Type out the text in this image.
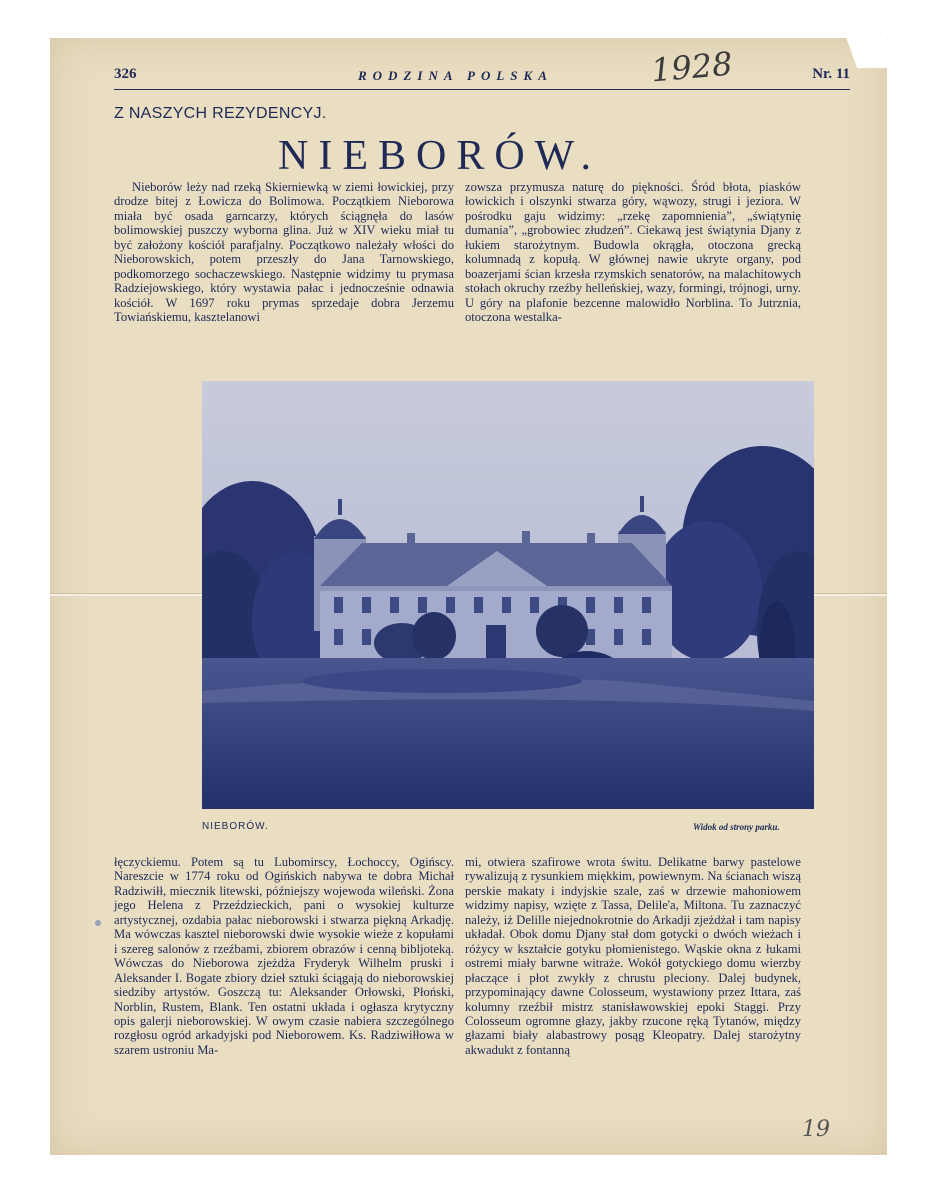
326	RODZINA POLSKA	1928	Nr. 11
Z NASZYCH REZYDENCYJ.
NIEBORÓW.

Nieborów leży nad rzeką Skierniewką w ziemi łowickiej, przy drodze bitej z Łowicza do Bolimowa. Początkiem Nieborowa miała być osada garncarzy, których ściągnęła do lasów bolimowskiej puszczy wyborna glina. Już w XIV wieku miał tu być założony kościół parafjalny. Początkowo należały włości do Nieborowskich, potem przeszły do Jana Tarnowskiego, podkomorzego sochaczewskiego. Następnie widzimy tu prymasa Radziejowskiego, który wystawia pałac i jednocześnie odnawia kościół. W 1697 roku prymas sprzedaje dobra Jerzemu Towiańskiemu, kasztelanowi

zowsza przymusza naturę do piękności. Śród błota, piasków łowickich i olszynki stwarza góry, wąwozy, strugi i jeziora. W pośrodku gaju widzimy: „rzekę zapomnienia”, „świątynię dumania”, „grobowiec złudzeń”. Ciekawą jest świątynia Djany z łukiem starożytnym. Budowla okrągła, otoczona grecką kolumnadą z kopułą. W głównej nawie ukryte organy, pod boazerjami ścian krzesła rzymskich senatorów, na malachitowych stołach okruchy rzeźby helleńskiej, wazy, formingi, trójnogi, urny. U góry na plafonie bezcenne malowidło Norblina. To Jutrznia, otoczona westalka-

NIEBORÓW.	Widok od strony parku.

łęczyckiemu. Potem są tu Lubomirscy, Łochoccy, Ogińscy. Nareszcie w 1774 roku od Ogińskich nabywa te dobra Michał Radziwiłł, miecznik litewski, późniejszy wojewoda wileński. Żona jego Helena z Przeździeckich, pani o wysokiej kulturze artystycznej, ozdabia pałac nieborowski i stwarza piękną Arkadję. Ma wówczas kasztel nieborowski dwie wysokie wieże z kopułami i szereg salonów z rzeźbami, zbiorem obrazów i cenną bibljoteką. Wówczas do Nieborowa zjeżdża Fryderyk Wilhelm pruski i Aleksander I. Bogate zbiory dzieł sztuki ściągają do nieborowskiej siedziby artystów. Goszczą tu: Aleksander Orłowski, Płoński, Norblin, Rustem, Blank. Ten ostatni układa i ogłasza krytyczny opis galerji nieborowskiej. W owym czasie nabiera szczególnego rozgłosu ogród arkadyjski pod Nieborowem. Ks. Radziwiłłowa w szarem ustroniu Ma-

mi, otwiera szafirowe wrota świtu. Delikatne barwy pastelowe rywalizują z rysunkiem miękkim, powiewnym. Na ścianach wiszą perskie makaty i indyjskie szale, zaś w drzewie mahoniowem widzimy napisy, wzięte z Tassa, Delile'a, Miltona. Tu zaznaczyć należy, iż Delille niejednokrotnie do Arkadji zjeżdżał i tam napisy układał. Obok domu Djany stał dom gotycki o dwóch wieżach i różycy w kształcie gotyku płomienistego. Wąskie okna z łukami ostremi miały barwne witraże. Wokół gotyckiego domu wierzby płaczące i płot zwykły z chrustu pleciony. Dalej budynek, przypominający dawne Colosseum, wystawiony przez Ittara, zaś kolumny rzeźbił mistrz stanisławowskiej epoki Staggi. Przy Colosseum ogromne głazy, jakby rzucone ręką Tytanów, między głazami biały alabastrowy posąg Kleopatry. Dalej starożytny akwadukt z fontanną

19
